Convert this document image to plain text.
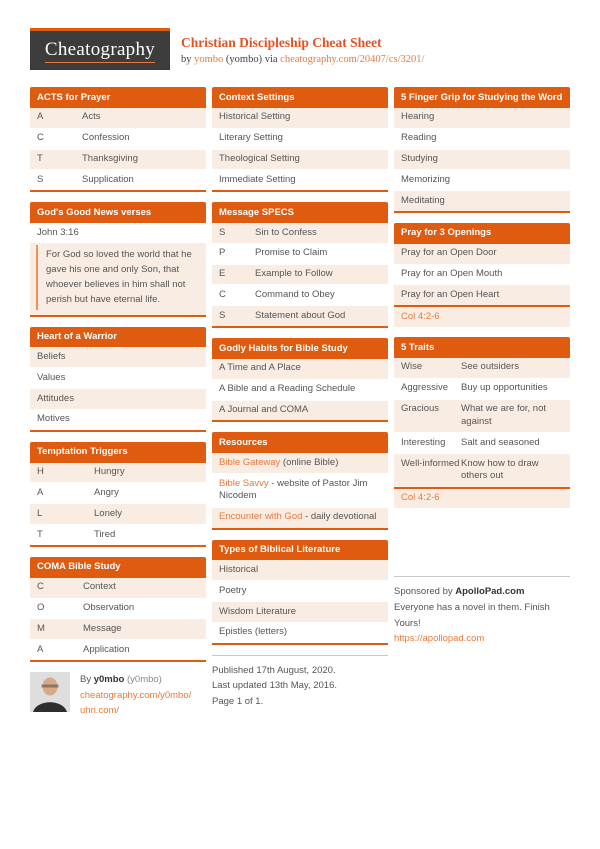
Cheatography Christian Discipleship Cheat Sheet
by yombo (yombo) via cheatography.com/20407/cs/3201/
ACTS for Prayer
A	Acts
C	Confession
T	Thanksgiving
S	Supplication
God's Good News verses
John 3:16
For God so loved the world that he gave his one and only Son, that whoever believes in him shall not perish but have eternal life.
Heart of a Warrior
Beliefs
Values
Attitudes
Motives
Temptation Triggers
H	Hungry
A	Angry
L	Lonely
T	Tired
COMA Bible Study
C	Context
O	Observation
M	Message
A	Application
By y0mbo (y0mbo)
cheatography.com/y0mbo/
uhri.com/
Context Settings
Historical Setting
Literary Setting
Theological Setting
Immediate Setting
Message SPECS
S	Sin to Confess
P	Promise to Claim
E	Example to Follow
C	Command to Obey
S	Statement about God
Godly Habits for Bible Study
A Time and A Place
A Bible and a Reading Schedule
A Journal and COMA
Resources
Bible Gateway (online Bible)
Bible Savvy - website of Pastor Jim Nicodem
Encounter with God - daily devotional
Types of Biblical Literature
Historical
Poetry
Wisdom Literature
Epistles (letters)
Published 17th August, 2020.
Last updated 13th May, 2016.
Page 1 of 1.
5 Finger Grip for Studying the Word
Hearing
Reading
Studying
Memorizing
Meditating
Pray for 3 Openings
Pray for an Open Door
Pray for an Open Mouth
Pray for an Open Heart
Col 4:2-6
5 Traits
Wise	See outsiders
Aggressive	Buy up opportunities
Gracious	What we are for, not against
Interesting	Salt and seasoned
Well-informed Know how to draw others out
Col 4:2-6
Sponsored by ApolloPad.com
Everyone has a novel in them. Finish Yours!
https://apollopad.com
